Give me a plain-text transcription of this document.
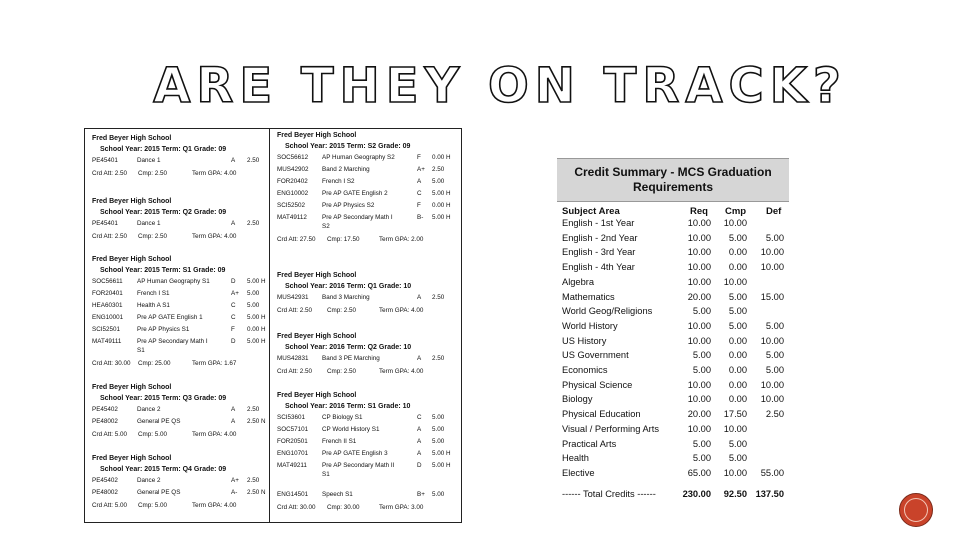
ARE THEY ON TRACK?
Fred Beyer High School
School Year: 2015 Term: Q1 Grade: 09
PE45401	Dance 1	A 2.50
Crd Att: 2.50 Cmp: 2.50	Term GPA: 4.00
Fred Beyer High School
School Year: 2015 Term: Q2 Grade: 09
PE45401	Dance 1	A 2.50
Crd Att: 2.50 Cmp: 2.50	Term GPA: 4.00
Fred Beyer High School
School Year: 2015 Term: S1 Grade: 09
SOC56611 AP Human Geography S1	D 5.00 H
FOR20401 French I S1	A+ 5.00
HEA60301 Health A S1	C 5.00
ENG10001 Pre AP GATE English 1	C 5.00 H
SCI52501	Pre AP Physics S1	F 0.00 H
MAT49111 Pre AP Secondary Math I	D 5.00 H
S1
Crd Att: 30.00 Cmp: 25.00	Term GPA: 1.67
Fred Beyer High School
School Year: 2015 Term: Q3 Grade: 09
PE45402	Dance 2	A 2.50
PE48002	General PE QS	A 2.50 N
Crd Att: 5.00 Cmp: 5.00	Term GPA: 4.00
Fred Beyer High School
School Year: 2015 Term: Q4 Grade: 09
PE45402	Dance 2	A+ 2.50
PE48002	General PE QS	A- 2.50 N
Crd Att: 5.00 Cmp: 5.00	Term GPA: 4.00
Fred Beyer High School
School Year: 2015 Term: S2 Grade: 09
SOC56612 AP Human Geography S2	F 0.00 H
MUS42902 Band 2 Marching	A+ 2.50
FOR20402 French I S2	A 5.00
ENG10002 Pre AP GATE English 2	C 5.00 H
SCI52502	Pre AP Physics S2	F 0.00 H
MAT49112 Pre AP Secondary Math I	B- 5.00 H
S2
Crd Att: 27.50 Cmp: 17.50	Term GPA: 2.00
Fred Beyer High School
School Year: 2016 Term: Q1 Grade: 10
MUS42931 Band 3 Marching	A 2.50
Crd Att: 2.50 Cmp: 2.50	Term GPA: 4.00
Fred Beyer High School
School Year: 2016 Term: Q2 Grade: 10
MUS42831 Band 3 PE Marching	A 2.50
Crd Att: 2.50 Cmp: 2.50	Term GPA: 4.00
Fred Beyer High School
School Year: 2016 Term: S1 Grade: 10
SCI53601	CP Biology S1	C 5.00
SOC57101 CP World History S1	A 5.00
FOR20501 French II S1	A 5.00
ENG10701 Pre AP GATE English 3	A 5.00 H
MAT49211 Pre AP Secondary Math II	D 5.00 H
S1
ENG14501 Speech S1	B+ 5.00
Crd Att: 30.00 Cmp: 30.00	Term GPA: 3.00
Credit Summary - MCS Graduation
Requirements
Subject Area	Req Cmp Def
English - 1st Year	10.00 10.00
English - 2nd Year	10.00 5.00 5.00
English - 3rd Year	10.00 0.00 10.00
English - 4th Year	10.00 0.00 10.00
Algebra	10.00 10.00
Mathematics	20.00 5.00 15.00
World Geog/Religions	5.00 5.00
World History	10.00 5.00 5.00
US History	10.00 0.00 10.00
US Government	5.00 0.00 5.00
Economics	5.00 0.00 5.00
Physical Science	10.00 0.00 10.00
Biology	10.00 0.00 10.00
Physical Education	20.00 17.50 2.50
Visual / Performing Arts	10.00 10.00
Practical Arts	5.00 5.00
Health	5.00 5.00
Elective	65.00 10.00 55.00
------ Total Credits ------	230.00 92.50 137.50
